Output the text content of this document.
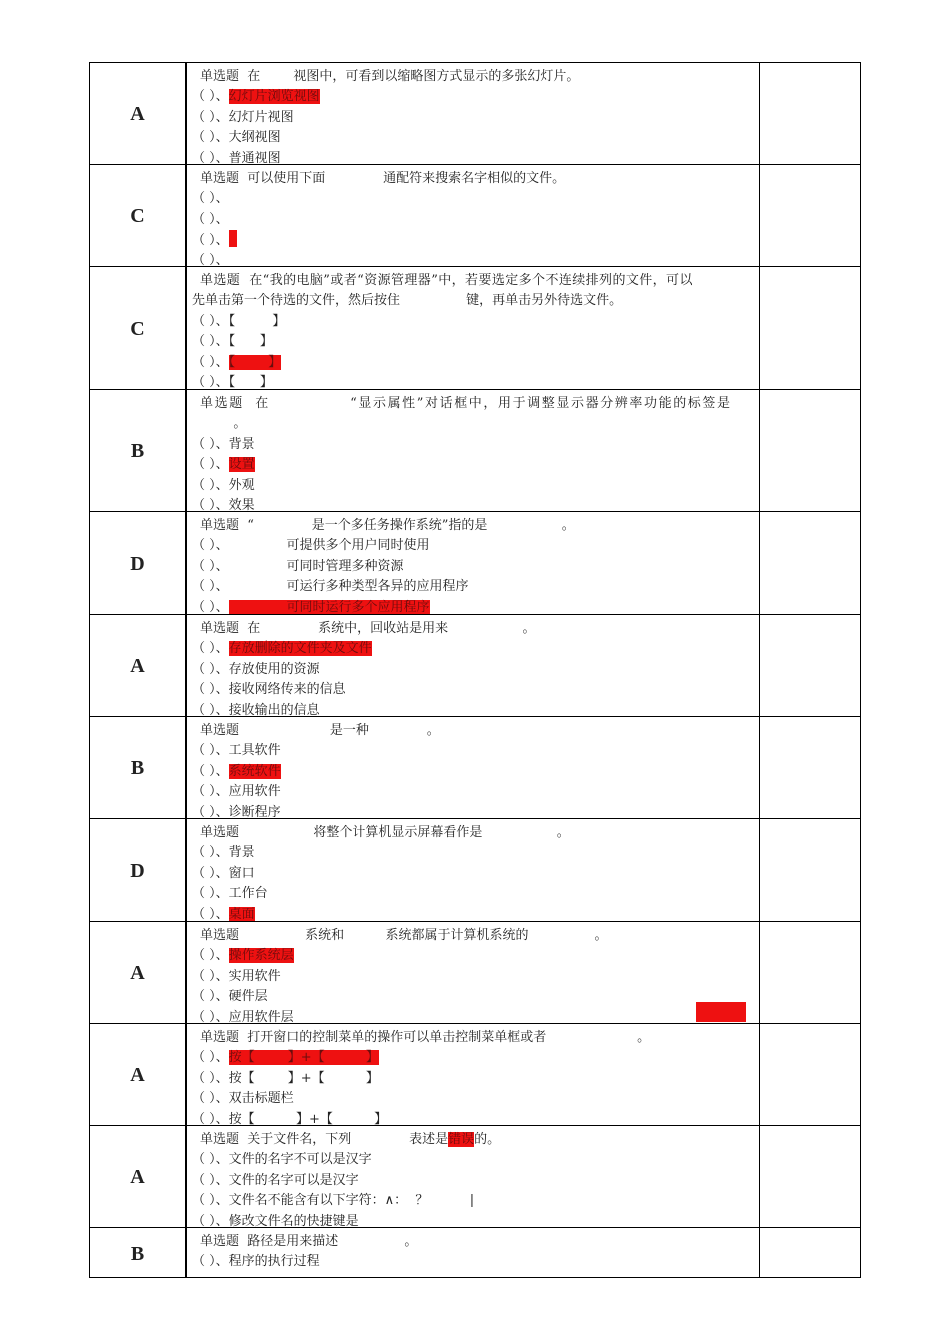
A
单选题  在        视图中，可看到以缩略图方式显示的多张幻灯片。
（ ）、幻灯片浏览视图
（ ）、幻灯片视图
（ ）、大纲视图
（ ）、普通视图
C
单选题  可以使用下面              通配符来搜索名字相似的文件。
（ ）、
（ ）、
（ ）、
（ ）、
C
单选题  在“我的电脑”或者“资源管理器”中，若要选定多个不连续排列的文件，可以
先单击第一个待选的文件，然后按住                键，再单击另外待选文件。
（ ）、【         】
（ ）、【      】
（ ）、【        】
（ ）、【      】
B
单选题  在              “显示属性”对话框中，用于调整显示器分辨率功能的标签是
。
（ ）、背景
（ ）、设置
（ ）、外观
（ ）、效果
D
单选题  “              是一个多任务操作系统”指的是                  。
（ ）、              可提供多个用户同时使用
（ ）、              可同时管理多种资源
（ ）、              可运行多种类型各异的应用程序
（ ）、              可同时运行多个应用程序
A
单选题  在              系统中，回收站是用来                  。
（ ）、存放删除的文件夹及文件
（ ）、存放使用的资源
（ ）、接收网络传来的信息
（ ）、接收输出的信息
B
单选题                      是一种              。
（ ）、工具软件
（ ）、系统软件
（ ）、应用软件
（ ）、诊断程序
D
单选题                  将整个计算机显示屏幕看作是                  。
（ ）、背景
（ ）、窗口
（ ）、工作台
（ ）、桌面
A
单选题                系统和          系统都属于计算机系统的                。
（ ）、操作系统层
（ ）、实用软件
（ ）、硬件层
（ ）、应用软件层
A
单选题  打开窗口的控制菜单的操作可以单击控制菜单框或者                      。
（ ）、按【        】+【          】
（ ）、按【        】+【          】
（ ）、双击标题栏
（ ）、按【          】+【          】
A
单选题  关于文件名，下列              表述是错误的。
（ ）、文件的名字不可以是汉字
（ ）、文件的名字可以是汉字
（ ）、文件名不能含有以下字符：∧：  ？          |
（ ）、修改文件名的快捷键是
B
单选题  路径是用来描述                。
（ ）、程序的执行过程
